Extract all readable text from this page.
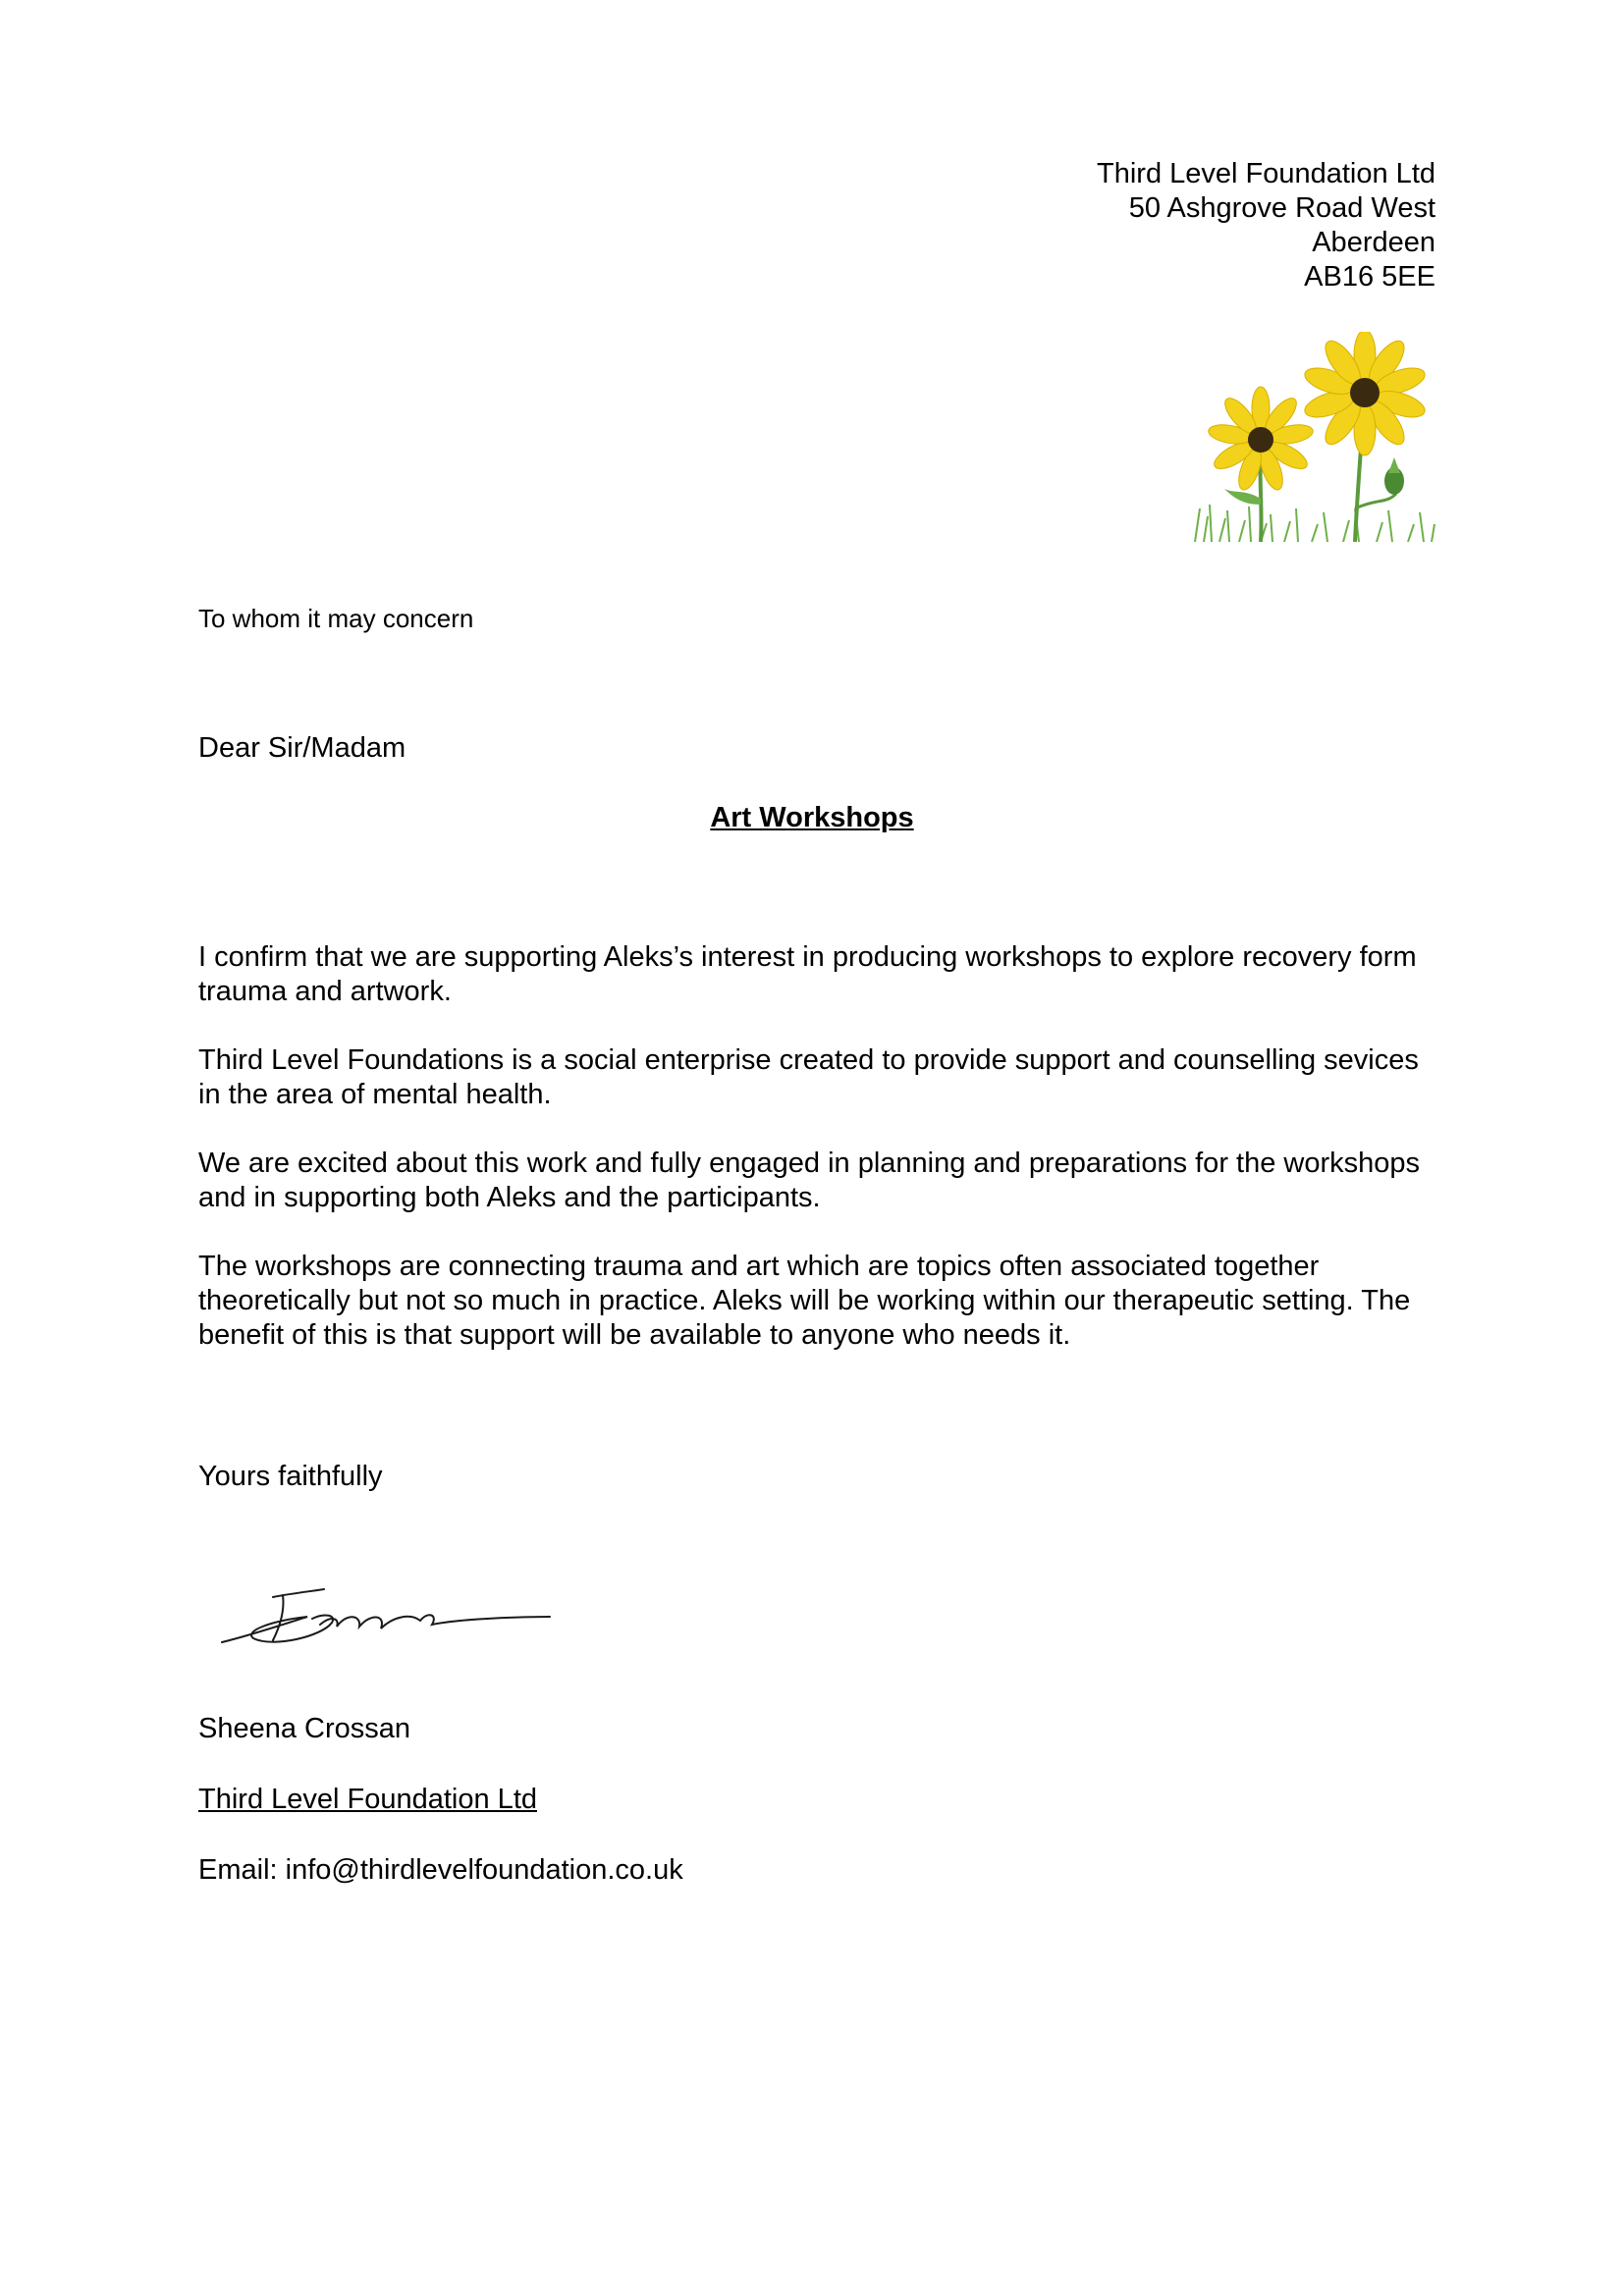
Third Level Foundation Ltd
50 Ashgrove Road West
Aberdeen
AB16 5EE
To whom it may concern
Dear Sir/Madam
Art Workshops

I confirm that we are supporting Aleks’s interest in producing workshops to explore recovery form trauma and artwork.

Third Level Foundations is a social enterprise created to provide support and counselling sevices in the area of mental health.

We are excited about this work and fully engaged in planning and preparations for the workshops and in supporting both Aleks and the participants.

The workshops are connecting trauma and art which are topics often associated together theoretically but not so much in practice. Aleks will be working within our therapeutic setting. The benefit of this is that support will be available to anyone who needs it.

Yours faithfully
Sheena Crossan
Third Level Foundation Ltd
Email: info@thirdlevelfoundation.co.uk
